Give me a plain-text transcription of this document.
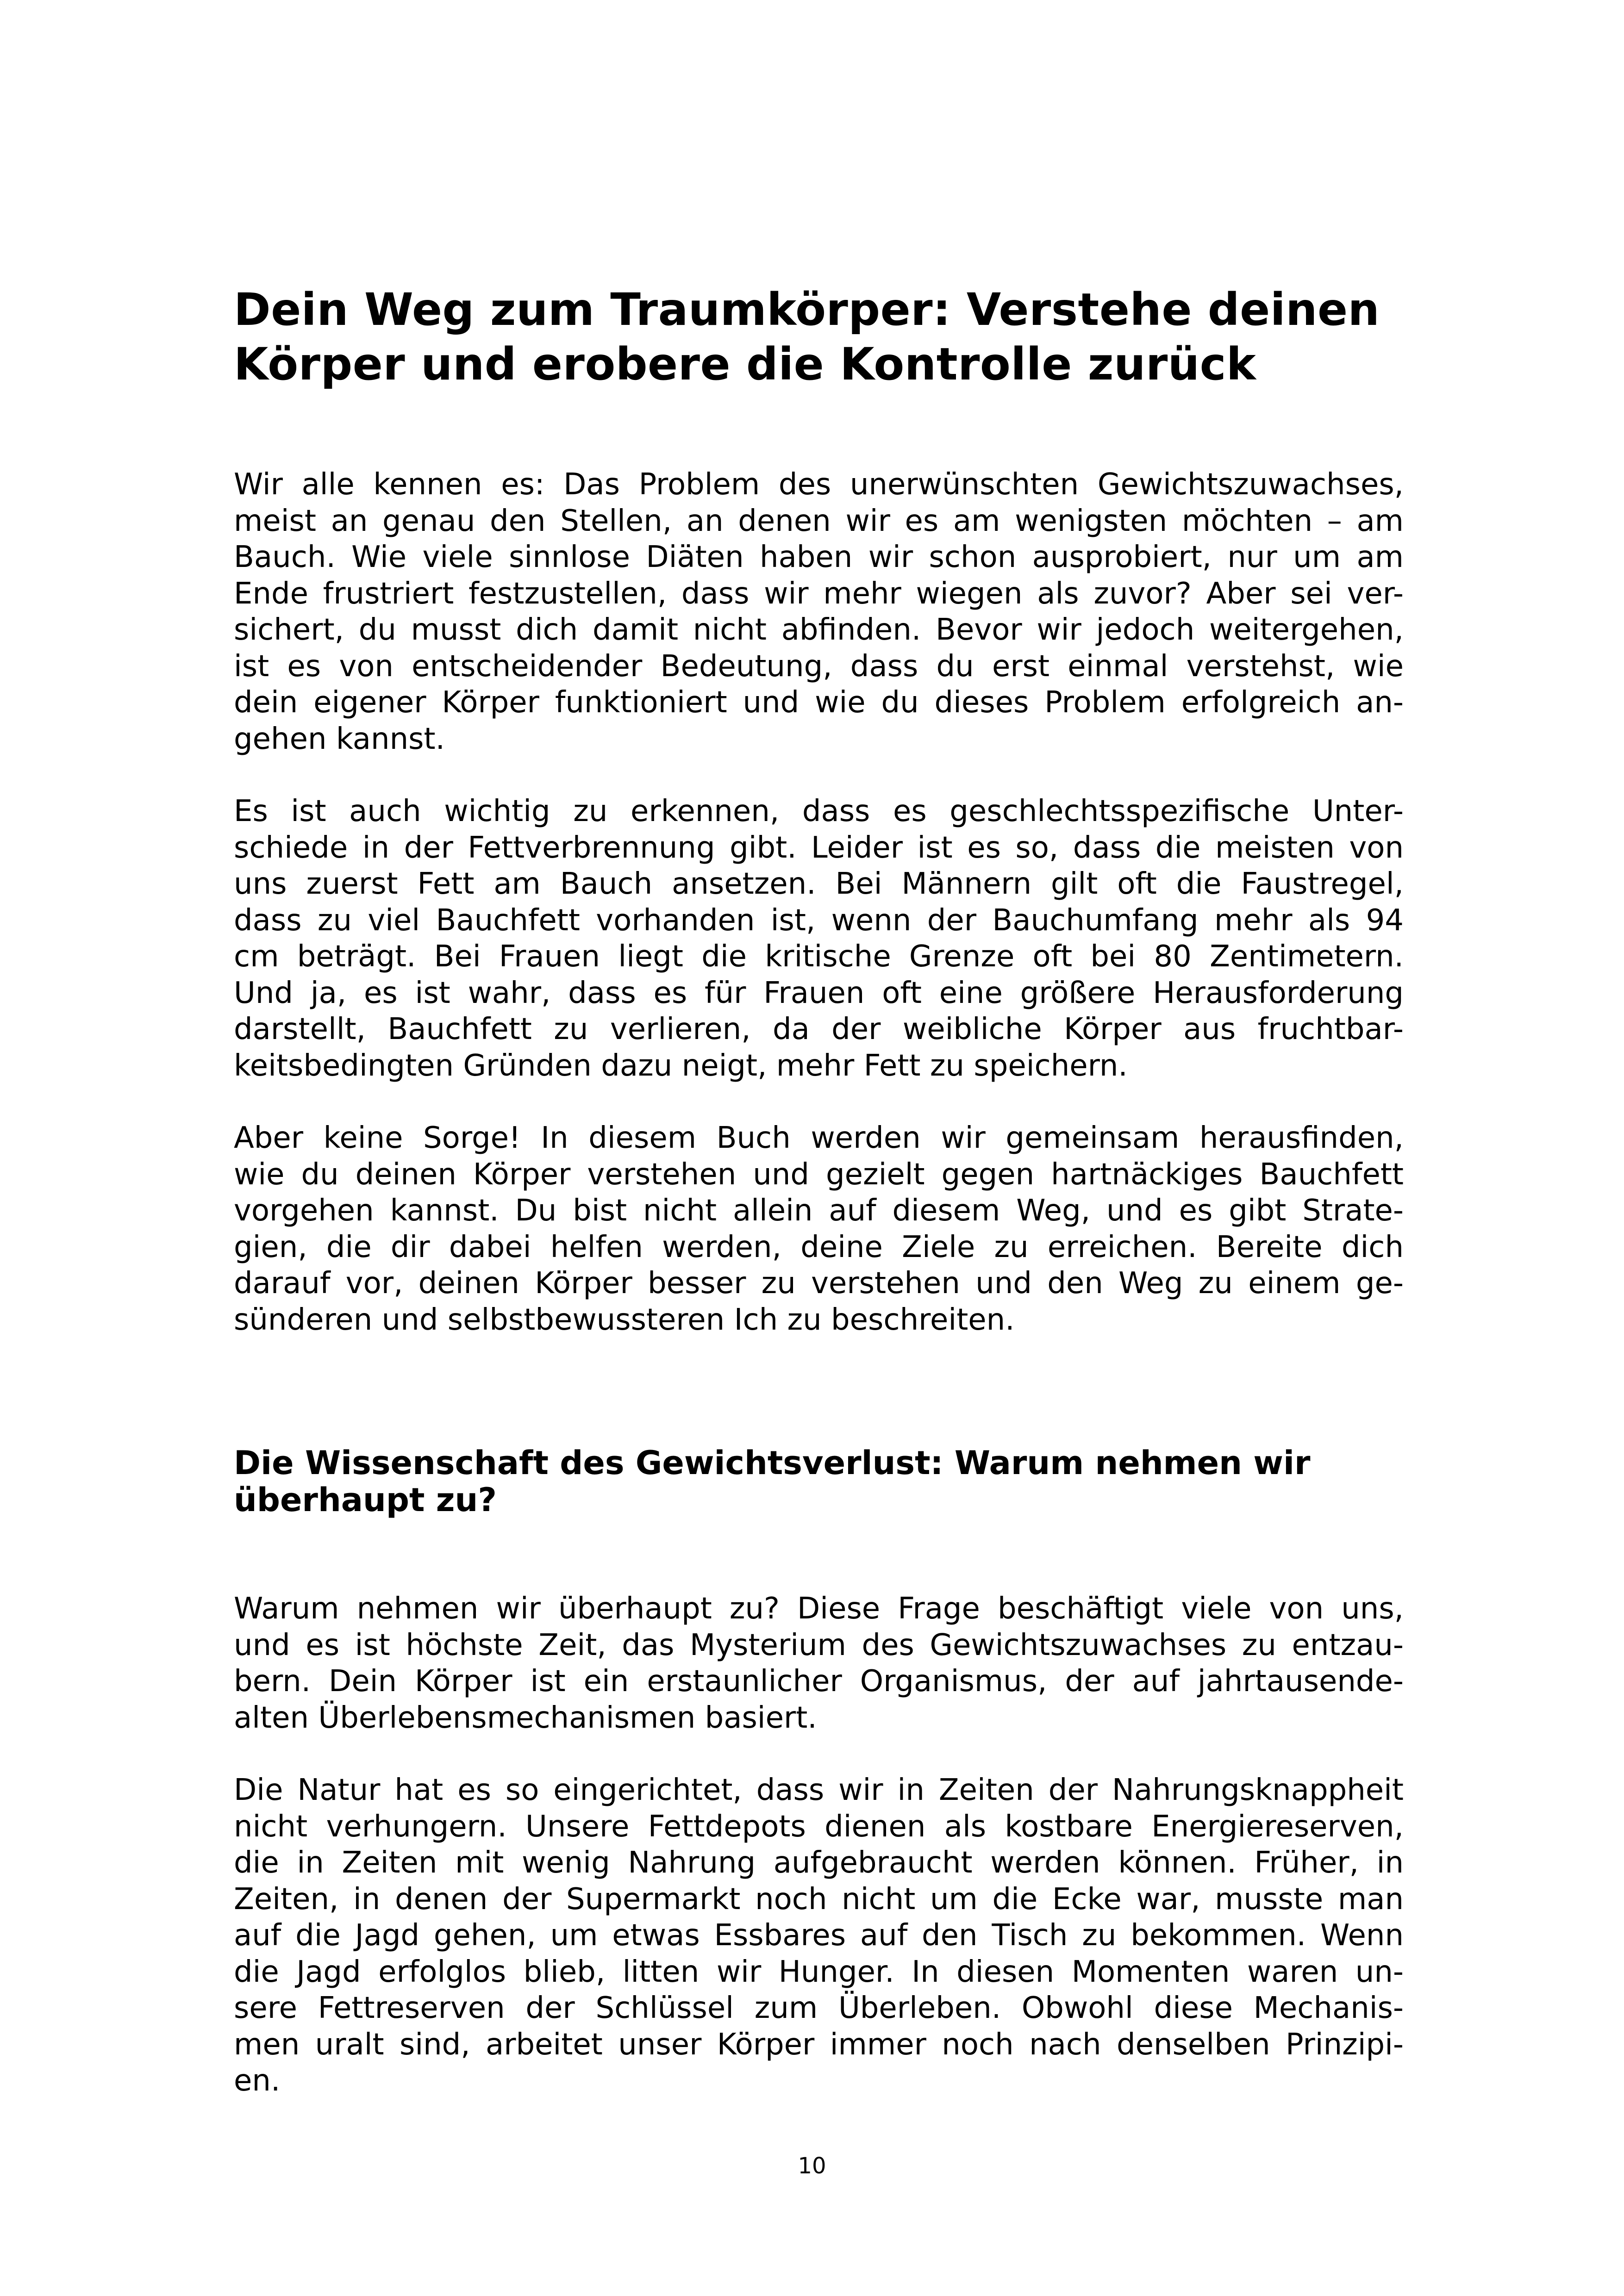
Dein Weg zum Traumkörper: Verstehe deinen
Körper und erobere die Kontrolle zurück

Wir alle kennen es: Das Problem des unerwünschten Gewichtszuwachses,
meist an genau den Stellen, an denen wir es am wenigsten möchten – am
Bauch. Wie viele sinnlose Diäten haben wir schon ausprobiert, nur um am
Ende frustriert festzustellen, dass wir mehr wiegen als zuvor? Aber sei ver-
sichert, du musst dich damit nicht abfinden. Bevor wir jedoch weitergehen,
ist es von entscheidender Bedeutung, dass du erst einmal verstehst, wie
dein eigener Körper funktioniert und wie du dieses Problem erfolgreich an-
gehen kannst.

Es ist auch wichtig zu erkennen, dass es geschlechtsspezifische Unter-
schiede in der Fettverbrennung gibt. Leider ist es so, dass die meisten von
uns zuerst Fett am Bauch ansetzen. Bei Männern gilt oft die Faustregel,
dass zu viel Bauchfett vorhanden ist, wenn der Bauchumfang mehr als 94
cm beträgt. Bei Frauen liegt die kritische Grenze oft bei 80 Zentimetern.
Und ja, es ist wahr, dass es für Frauen oft eine größere Herausforderung
darstellt, Bauchfett zu verlieren, da der weibliche Körper aus fruchtbar-
keitsbedingten Gründen dazu neigt, mehr Fett zu speichern.

Aber keine Sorge! In diesem Buch werden wir gemeinsam herausfinden,
wie du deinen Körper verstehen und gezielt gegen hartnäckiges Bauchfett
vorgehen kannst. Du bist nicht allein auf diesem Weg, und es gibt Strate-
gien, die dir dabei helfen werden, deine Ziele zu erreichen. Bereite dich
darauf vor, deinen Körper besser zu verstehen und den Weg zu einem ge-
sünderen und selbstbewussteren Ich zu beschreiten.

Die Wissenschaft des Gewichtsverlust: Warum nehmen wir
überhaupt zu?

Warum nehmen wir überhaupt zu? Diese Frage beschäftigt viele von uns,
und es ist höchste Zeit, das Mysterium des Gewichtszuwachses zu entzau-
bern. Dein Körper ist ein erstaunlicher Organismus, der auf jahrtausende-
alten Überlebensmechanismen basiert.

Die Natur hat es so eingerichtet, dass wir in Zeiten der Nahrungsknappheit
nicht verhungern. Unsere Fettdepots dienen als kostbare Energiereserven,
die in Zeiten mit wenig Nahrung aufgebraucht werden können. Früher, in
Zeiten, in denen der Supermarkt noch nicht um die Ecke war, musste man
auf die Jagd gehen, um etwas Essbares auf den Tisch zu bekommen. Wenn
die Jagd erfolglos blieb, litten wir Hunger. In diesen Momenten waren un-
sere Fettreserven der Schlüssel zum Überleben. Obwohl diese Mechanis-
men uralt sind, arbeitet unser Körper immer noch nach denselben Prinzipi-
en.

10
